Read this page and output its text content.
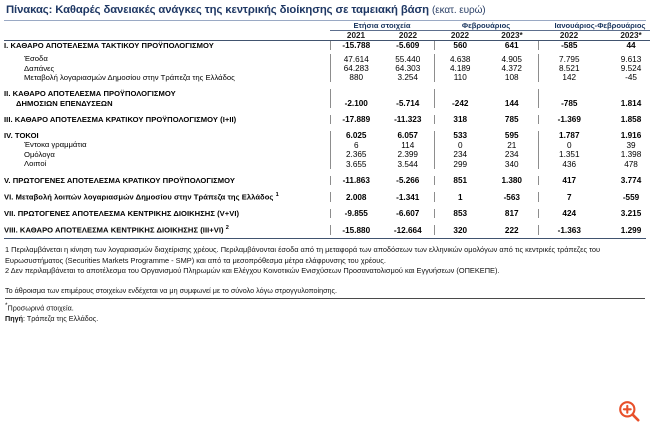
Πίνακας: Καθαρές δανειακές ανάγκες της κεντρικής διοίκησης σε ταμειακή βάση (εκατ. ευρώ)
	Ετήσια στοιχεία		Φεβρουάριος		Ιανουάριος-Φεβρουάριος	
	2021	2022	2022	2023*	2022	2023*
I. ΚΑΘΑΡΟ ΑΠΟΤΕΛΕΣΜΑ ΤΑΚΤΙΚΟΥ ΠΡΟΫΠΟΛΟΓΙΣΜΟΥ	-15.788	-5.609	560	641	-585	44

Έσοδα	47.614	55.440	4.638	4.905	7.795	9.613
Δαπάνες	64.283	64.303	4.189	4.372	8.521	9.524
Μεταβολή λογαριασμών Δημοσίου στην Τράπεζα της Ελλάδος	880	3.254	110	108	142	-45

II. ΚΑΘΑΡΟ ΑΠΟΤΕΛΕΣΜΑ ΠΡΟΫΠΟΛΟΓΙΣΜΟΥ
ΔΗΜΟΣΙΩΝ ΕΠΕΝΔΥΣΕΩΝ	-2.100	-5.714	-242	144	-785	1.814

III. ΚΑΘΑΡΟ ΑΠΟΤΕΛΕΣΜΑ ΚΡΑΤΙΚΟΥ ΠΡΟΫΠΟΛΟΓΙΣΜΟΥ (I+II)	-17.889	-11.323	318	785	-1.369	1.858

IV. ΤΟΚΟΙ	6.025	6.057	533	595	1.787	1.916
Έντοκα γραμμάτια	6	114	0	21	0	39
Ομόλογα	2.365	2.399	234	234	1.351	1.398
Λοιποί	3.655	3.544	299	340	436	478

V. ΠΡΩΤΟΓΕΝΕΣ ΑΠΟΤΕΛΕΣΜΑ ΚΡΑΤΙΚΟΥ ΠΡΟΫΠΟΛΟΓΙΣΜΟΥ	-11.863	-5.266	851	1.380	417	3.774

VI. Μεταβολή λοιπών λογαριασμών Δημοσίου στην Τράπεζα της Ελλάδος $^1$	2.008	-1.341	1	-563	7	-559

VII. ΠΡΩΤΟΓΕΝΕΣ ΑΠΟΤΕΛΕΣΜΑ ΚΕΝΤΡΙΚΗΣ ΔΙΟΙΚΗΣΗΣ (V+VI)	-9.855	-6.607	853	817	424	3.215

VIII. ΚΑΘΑΡΟ ΑΠΟΤΕΛΕΣΜΑ ΚΕΝΤΡΙΚΗΣ ΔΙΟΙΚΗΣΗΣ (III+VI) $^2$	-15.880	-12.664	320	222	-1.363	1.299
1 Περιλαμβάνεται η κίνηση των λογαριασμών διαχείρισης χρέους. Περιλαμβάνονται έσοδα από τη μεταφορά των αποδόσεων των ελληνικών ομολόγων από τις κεντρικές τράπεζες του Ευρωσυστήματος (Securities Markets Programme - SMP) και από τα μεσοπρόθεσμα μέτρα ελάφρυνσης του χρέους.
2 Δεν περιλαμβάνεται το αποτέλεσμα του Οργανισμού Πληρωμών και Ελέγχου Κοινοτικών Ενισχύσεων Προσανατολισμού και Εγγυήσεων (ΟΠΕΚΕΠΕ).
Το άθροισμα των επιμέρους στοιχείων ενδέχεται να μη συμφωνεί με το σύνολο λόγω στρογγυλοποίησης.
*Προσωρινά στοιχεία.
Πηγή: Τράπεζα της Ελλάδος.
